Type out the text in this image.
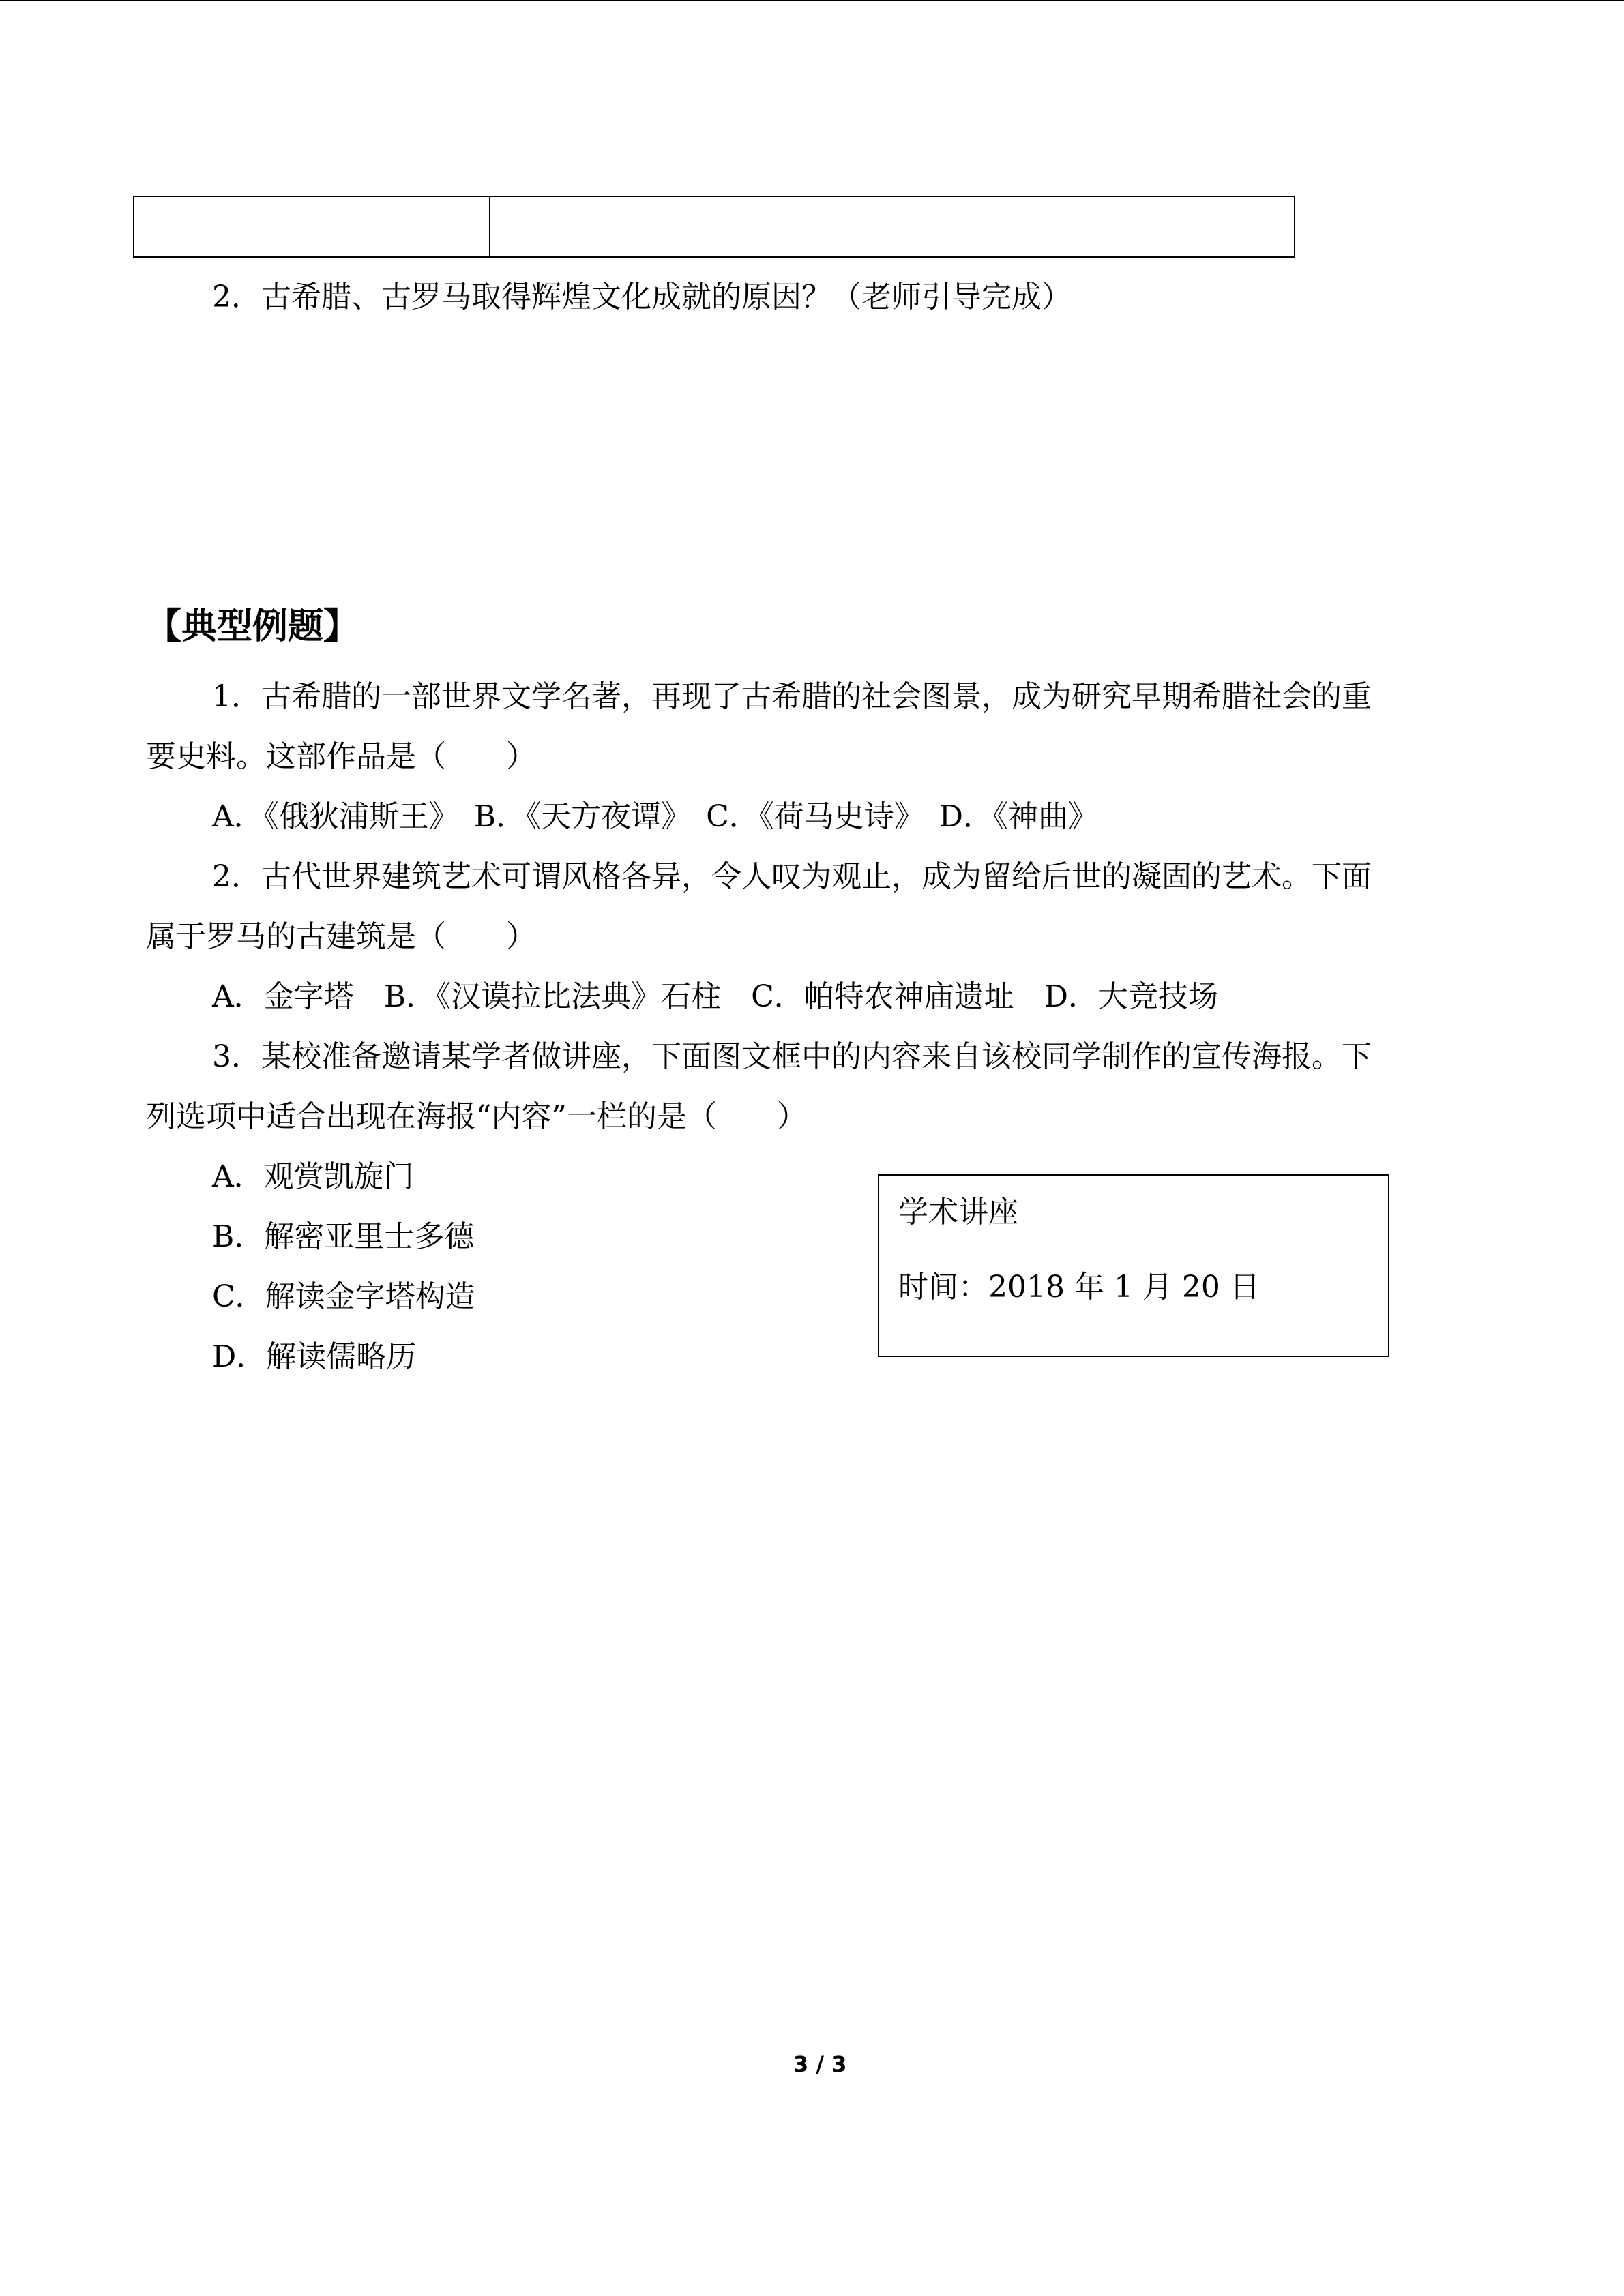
2．古希腊、古罗马取得辉煌文化成就的原因？（老师引导完成）
【典型例题】
1．古希腊的一部世界文学名著，再现了古希腊的社会图景，成为研究早期希腊社会的重
要史料。这部作品是（　　）
A．《俄狄浦斯王》　B．《天方夜谭》　C．《荷马史诗》　D．《神曲》
2．古代世界建筑艺术可谓风格各异，令人叹为观止，成为留给后世的凝固的艺术。下面
属于罗马的古建筑是（　　）
A．金字塔　B．《汉谟拉比法典》石柱　C．帕特农神庙遗址　D．大竞技场
3．某校准备邀请某学者做讲座，下面图文框中的内容来自该校同学制作的宣传海报。下
列选项中适合出现在海报“内容”一栏的是（　　）
A．观赏凯旋门
B．解密亚里士多德
C．解读金字塔构造
D．解读儒略历
学术讲座
时间：2018 年 1 月 20 日
3 / 3
